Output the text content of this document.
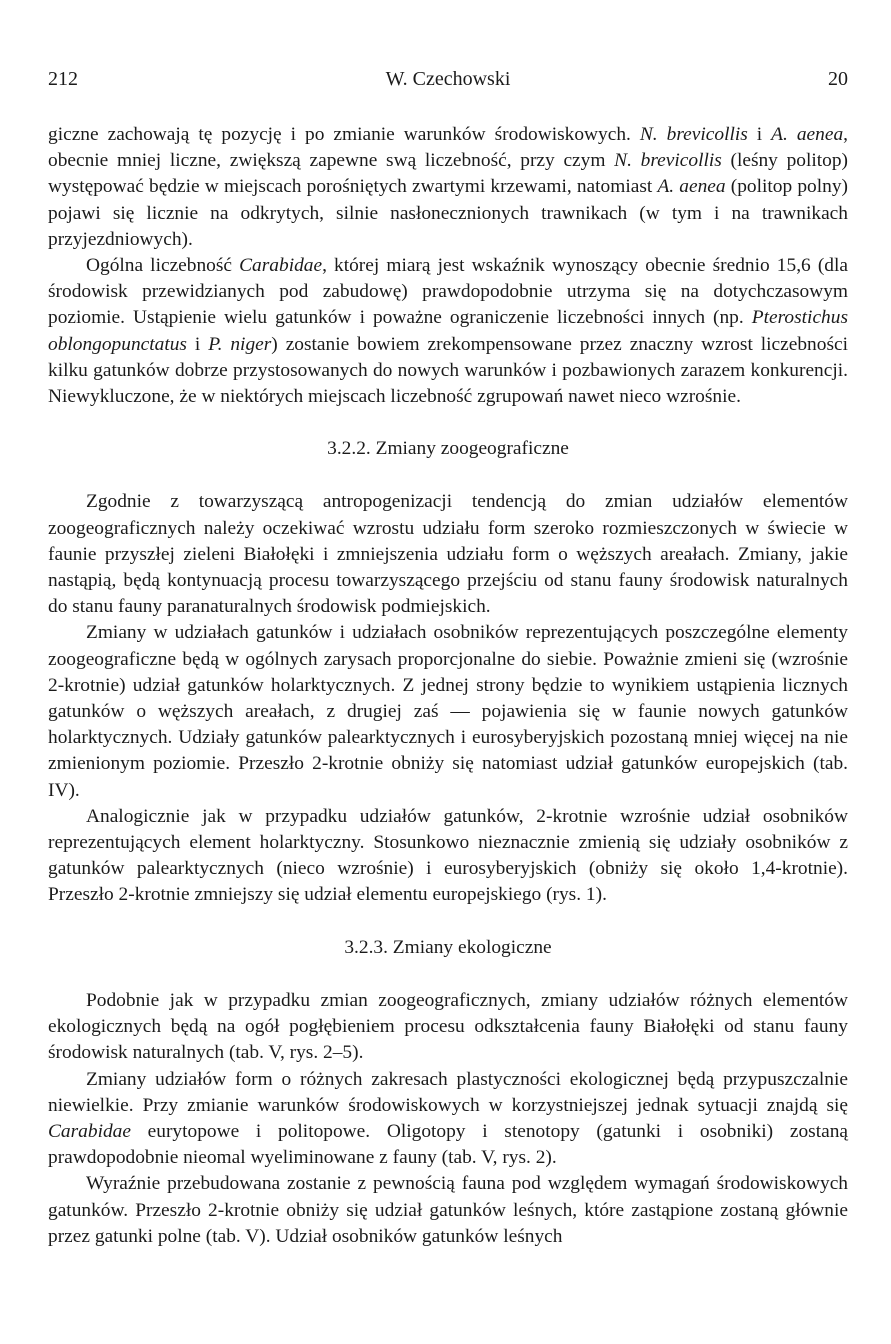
212	W. Czechowski	20

giczne zachowają tę pozycję i po zmianie warunków środowiskowych. N. brevicollis i A. aenea, obecnie mniej liczne, zwiększą zapewne swą liczebność, przy czym N. brevicollis (leśny politop) występować będzie w miejscach porośniętych zwartymi krzewami, natomiast A. aenea (politop polny) pojawi się licznie na odkrytych, silnie nasłonecznionych trawnikach (w tym i na trawnikach przyjezdniowych).

Ogólna liczebność Carabidae, której miarą jest wskaźnik wynoszący obecnie średnio 15,6 (dla środowisk przewidzianych pod zabudowę) prawdopodobnie utrzyma się na dotychczasowym poziomie. Ustąpienie wielu gatunków i poważne ograniczenie liczebności innych (np. Pterostichus oblongopunctatus i P. niger) zostanie bowiem zrekompensowane przez znaczny wzrost liczebności kilku gatunków dobrze przystosowanych do nowych warunków i pozbawionych zarazem konkurencji. Niewykluczone, że w niektórych miejscach liczebność zgrupowań nawet nieco wzrośnie.

3.2.2. Zmiany zoogeograficzne

Zgodnie z towarzyszącą antropogenizacji tendencją do zmian udziałów elementów zoogeograficznych należy oczekiwać wzrostu udziału form szeroko rozmieszczonych w świecie w faunie przyszłej zieleni Białołęki i zmniejszenia udziału form o węższych areałach. Zmiany, jakie nastąpią, będą kontynuacją procesu towarzyszącego przejściu od stanu fauny środowisk naturalnych do stanu fauny paranaturalnych środowisk podmiejskich.

Zmiany w udziałach gatunków i udziałach osobników reprezentujących poszczególne elementy zoogeograficzne będą w ogólnych zarysach proporcjonalne do siebie. Poważnie zmieni się (wzrośnie 2-krotnie) udział gatunków holarktycznych. Z jednej strony będzie to wynikiem ustąpienia licznych gatunków o węższych areałach, z drugiej zaś — pojawienia się w faunie nowych gatunków holarktycznych. Udziały gatunków palearktycznych i eurosyberyjskich pozostaną mniej więcej na nie zmienionym poziomie. Przeszło 2-krotnie obniży się natomiast udział gatunków europejskich (tab. IV).

Analogicznie jak w przypadku udziałów gatunków, 2-krotnie wzrośnie udział osobników reprezentujących element holarktyczny. Stosunkowo nieznacznie zmienią się udziały osobników z gatunków palearktycznych (nieco wzrośnie) i eurosyberyjskich (obniży się około 1,4-krotnie). Przeszło 2-krotnie zmniejszy się udział elementu europejskiego (rys. 1).

3.2.3. Zmiany ekologiczne

Podobnie jak w przypadku zmian zoogeograficznych, zmiany udziałów różnych elementów ekologicznych będą na ogół pogłębieniem procesu odkształcenia fauny Białołęki od stanu fauny środowisk naturalnych (tab. V, rys. 2–5).

Zmiany udziałów form o różnych zakresach plastyczności ekologicznej będą przypuszczalnie niewielkie. Przy zmianie warunków środowiskowych w korzystniejszej jednak sytuacji znajdą się Carabidae eurytopowe i politopowe. Oligotopy i stenotopy (gatunki i osobniki) zostaną prawdopodobnie nieomal wyeliminowane z fauny (tab. V, rys. 2).

Wyraźnie przebudowana zostanie z pewnością fauna pod względem wymagań środowiskowych gatunków. Przeszło 2-krotnie obniży się udział gatunków leśnych, które zastąpione zostaną głównie przez gatunki polne (tab. V). Udział osobników gatunków leśnych
